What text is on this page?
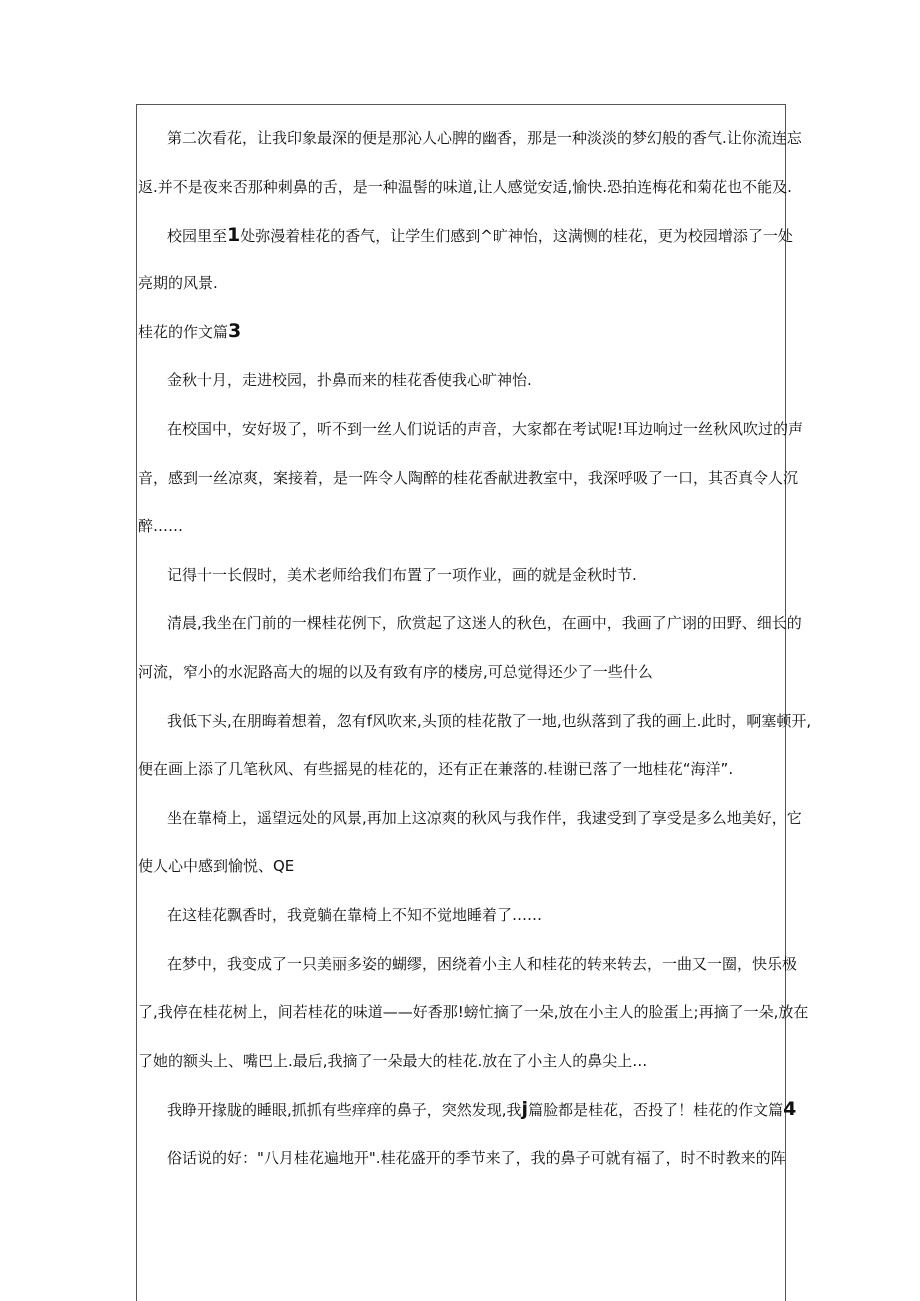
第二次看花，让我印象最深的便是那沁人心脾的幽香，那是一种淡淡的梦幻般的香气.让你流连忘
返.并不是夜来否那种刺鼻的舌，是一种温髻的味道,让人感觉安适,愉快.恐拍连梅花和菊花也不能及.
校园里至1处弥漫着桂花的香气，让学生们感到^旷神怡，这满恻的桂花，更为校园增添了一处
亮期的风景.
桂花的作文篇3
金秋十月，走进校园，扑鼻而来的桂花香使我心旷神怡.
在校国中，安好圾了，听不到一丝人们说话的声音，大家都在考试呢!耳边响过一丝秋风吹过的声
音，感到一丝凉爽，案接着，是一阵令人陶醉的桂花香献进教室中，我深呼吸了一口，其否真令人沉
醉……
记得十一长假时，美术老师给我们布置了一项作业，画的就是金秋时节.
清晨,我坐在门前的一棵桂花例下，欣赏起了这迷人的秋色，在画中，我画了广诩的田野、细长的
河流，窄小的水泥路高大的堀的以及有致有序的楼房,可总觉得还少了一些什么
我低下头,在朋晦着想着，忽有f风吹来,头顶的桂花散了一地,也纵落到了我的画上.此时，啊塞顿开,
便在画上添了几笔秋风、有些摇晃的桂花的，还有正在兼落的.桂谢已落了一地桂花“海洋”.
坐在靠椅上，遥望远处的风景,再加上这凉爽的秋风与我作伴，我逮受到了享受是多么地美好，它
使人心中感到愉悦、QE
在这桂花飘香时，我竟躺在靠椅上不知不觉地睡着了……
在梦中，我变成了一只美丽多姿的蝴缪，困绕着小主人和桂花的转来转去，一曲又一圈，快乐极
了,我停在桂花树上，间若桂花的味道——好香那!螃忙摘了一朵,放在小主人的脸蛋上;再摘了一朵,放在
了她的额头上、嘴巴上.最后,我摘了一朵最大的桂花.放在了小主人的鼻尖上…
我睁开掾胧的睡眼,抓抓有些痒痒的鼻子，突然发现,我j篇脸都是桂花，否投了！桂花的作文篇4
俗话说的好："八月桂花遍地开".桂花盛开的季节来了，我的鼻子可就有福了，时不时教来的阵
